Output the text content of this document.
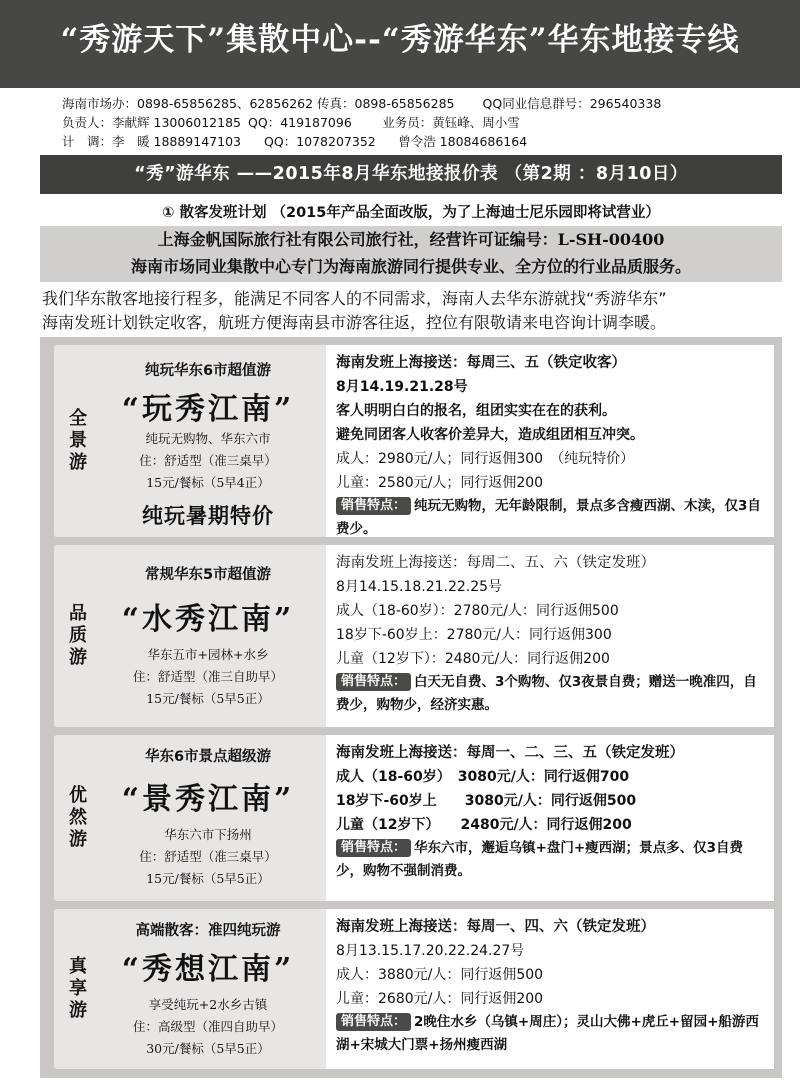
“秀游天下”集散中心--“秀游华东”华东地接专线
海南市场办：0898-65856285、62856262 传真：0898-65856285 QQ同业信息群号：296540338
负责人：李献辉 13006012185 QQ：419187096 业务员：黄钰峰、周小雪
计　调：李　暖 18889147103 QQ：1078207352 曾令浩 18084686164
“秀”游华东 ——2015年8月华东地接报价表 （第2期 ：8月10日）
① 散客发班计划 （2015年产品全面改版，为了上海迪士尼乐园即将试营业）
上海金帆国际旅行社有限公司旅行社，经营许可证编号：L-SH-00400
海南市场同业集散中心专门为海南旅游同行提供专业、全方位的行业品质服务。
我们华东散客地接行程多，能满足不同客人的不同需求，海南人去华东游就找“秀游华东”
海南发班计划铁定收客，航班方便海南县市游客往返，控位有限敬请来电咨询计调李暖。
全景游
纯玩华东6市超值游
“玩秀江南”
纯玩无购物、华东六市
住：舒适型（准三桌早）
15元/餐标（5早4正）
纯玩暑期特价
海南发班上海接送：每周三、五（铁定收客）
8月14.19.21.28号
客人明明白白的报名，组团实实在在的获利。
避免同团客人收客价差异大，造成组团相互冲突。
成人：2980元/人；同行返佣300　（纯玩特价）
儿童：2580元/人；同行返佣200
销售特点： 纯玩无购物，无年龄限制，景点多含瘦西湖、木渎，仅3自费少。
品质游
常规华东5市超值游
“水秀江南”
华东五市+园林+水乡
住：舒适型（准三自助早）
15元/餐标（5早5正）
海南发班上海接送：每周二、五、六（铁定发班）
8月14.15.18.21.22.25号
成人（18-60岁）：2780元/人：同行返佣500
18岁下-60岁上：2780元/人：同行返佣300
儿童（12岁下）：2480元/人：同行返佣200
销售特点： 白天无自费、3个购物、仅3夜景自费；赠送一晚准四，自费少，购物少，经济实惠。
优然游
华东6市景点超级游
“景秀江南”
华东六市下扬州
住：舒适型（准三桌早）
15元/餐标（5早5正）
海南发班上海接送：每周一、二、三、五（铁定发班）
成人（18-60岁）　3080元/人：同行返佣700
18岁下-60岁上　　3080元/人：同行返佣500
儿童（12岁下）　　2480元/人：同行返佣200
销售特点： 华东六市，邂逅乌镇+盘门+瘦西湖；景点多、仅3自费少，购物不强制消费。
真享游
高端散客：准四纯玩游
“秀想江南”
享受纯玩+2水乡古镇
住：高级型（准四自助早）
30元/餐标（5早5正）
海南发班上海接送：每周一、四、六（铁定发班）
8月13.15.17.20.22.24.27号
成人：3880元/人：同行返佣500
儿童：2680元/人：同行返佣200
销售特点： 2晚住水乡（乌镇+周庄）；灵山大佛+虎丘+留园+船游西湖+宋城大门票+扬州瘦西湖
